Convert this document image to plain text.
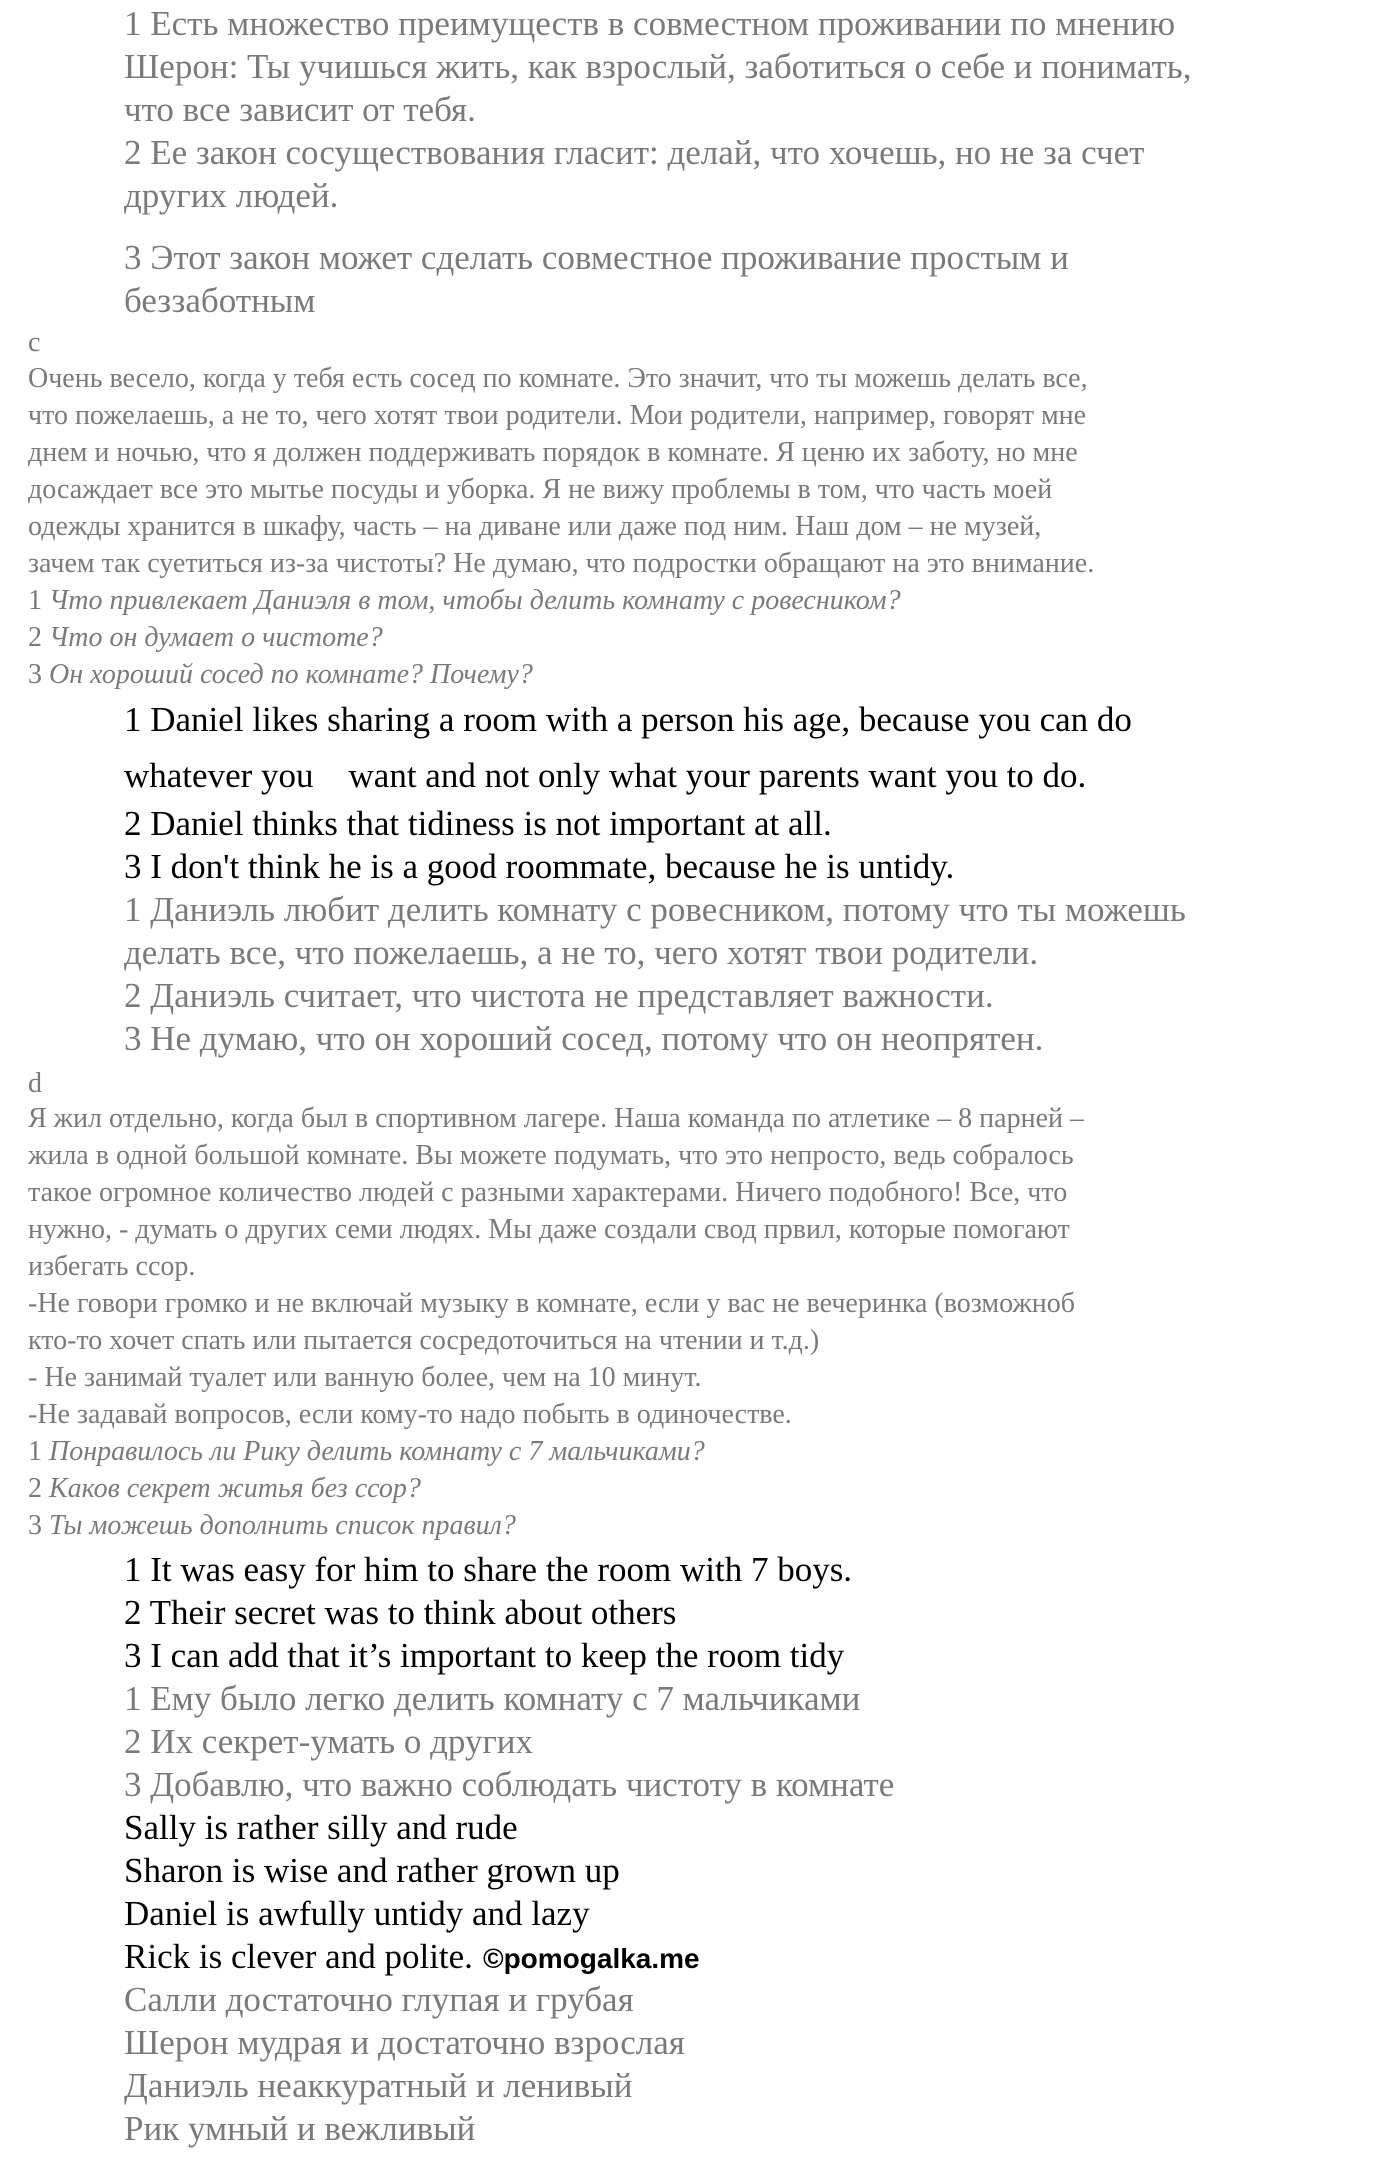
1 Есть множество преимуществ в совместном проживании по мнению
Шерон: Ты учишься жить, как взрослый, заботиться о себе и понимать,
что все зависит от тебя.
2 Ее закон сосуществования гласит: делай, что хочешь, но не за счет
других людей.
3 Этот закон может сделать совместное проживание простым и
беззаботным
c
Очень весело, когда у тебя есть сосед по комнате. Это значит, что ты можешь делать все,
что пожелаешь, а не то, чего хотят твои родители. Мои родители, например, говорят мне
днем и ночью, что я должен поддерживать порядок в комнате. Я ценю их заботу, но мне
досаждает все это мытье посуды и уборка. Я не вижу проблемы в том, что часть моей
одежды хранится в шкафу, часть – на диване или даже под ним. Наш дом – не музей,
зачем так суетиться из-за чистоты? Не думаю, что подростки обращают на это внимание.
1 Что привлекает Даниэля в том, чтобы делить комнату с ровесником?
2 Что он думает о чистоте?
3 Он хороший сосед по комнате? Почему?
1 Daniel likes sharing a room with a person his age, because you can do
whatever you    want and not only what your parents want you to do.
2 Daniel thinks that tidiness is not important at all.
3 I don't think he is a good roommate, because he is untidy.
1 Даниэль любит делить комнату с ровесником, потому что ты можешь
делать все, что пожелаешь, а не то, чего хотят твои родители.
2 Даниэль считает, что чистота не представляет важности.
3 Не думаю, что он хороший сосед, потому что он неопрятен.
d
Я жил отдельно, когда был в спортивном лагере. Наша команда по атлетике – 8 парней –
жила в одной большой комнате. Вы можете подумать, что это непросто, ведь собралось
такое огромное количество людей с разными характерами. Ничего подобного! Все, что
нужно, - думать о других семи людях. Мы даже создали свод првил, которые помогают
избегать ссор.
-Не говори громко и не включай музыку в комнате, если у вас не вечеринка (возможноб
кто-то хочет спать или пытается сосредоточиться на чтении и т.д.)
- Не занимай туалет или ванную более, чем на 10 минут.
-Не задавай вопросов, если кому-то надо побыть в одиночестве.
1 Понравилось ли Рику делить комнату с 7 мальчиками?
2 Каков секрет житья без ссор?
3 Ты можешь дополнить список правил?
1 It was easy for him to share the room with 7 boys.
2 Their secret was to think about others
3 I can add that it’s important to keep the room tidy
1 Ему было легко делить комнату с 7 мальчиками
2 Их секрет-умать о других
3 Добавлю, что важно соблюдать чистоту в комнате
Sally is rather silly and rude
Sharon is wise and rather grown up
Daniel is awfully untidy and lazy
Rick is clever and polite. ©pomogalka.me
Салли достаточно глупая и грубая
Шерон мудрая и достаточно взрослая
Даниэль неаккуратный и ленивый
Рик умный и вежливый
